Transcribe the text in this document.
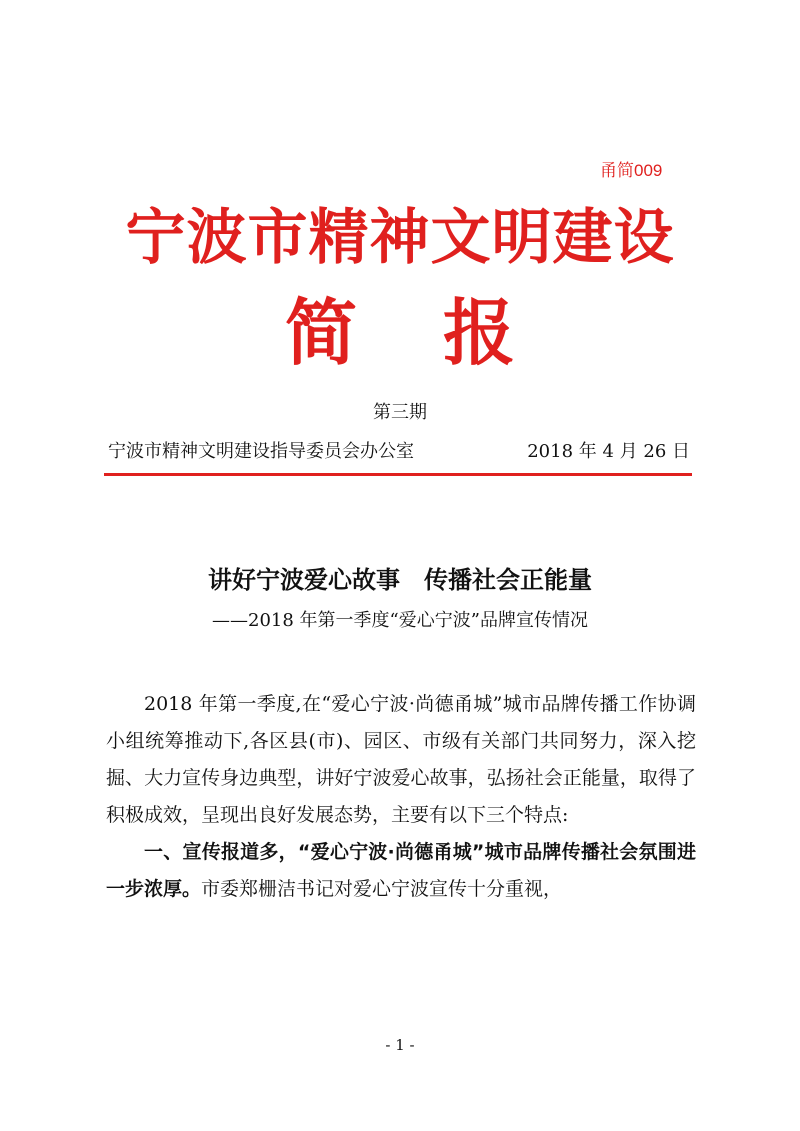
甬简009
宁波市精神文明建设
简报
第三期
宁波市精神文明建设指导委员会办公室	2018 年 4 月 26 日
讲好宁波爱心故事　传播社会正能量
——2018 年第一季度“爱心宁波”品牌宣传情况

2018 年第一季度,在“爱心宁波·尚德甬城”城市品牌传播工作协调小组统筹推动下,各区县(市)、园区、市级有关部门共同努力，深入挖掘、大力宣传身边典型，讲好宁波爱心故事，弘扬社会正能量，取得了积极成效，呈现出良好发展态势，主要有以下三个特点:

一、宣传报道多，“爱心宁波·尚德甬城”城市品牌传播社会氛围进一步浓厚。市委郑栅洁书记对爱心宁波宣传十分重视，

- 1 -
